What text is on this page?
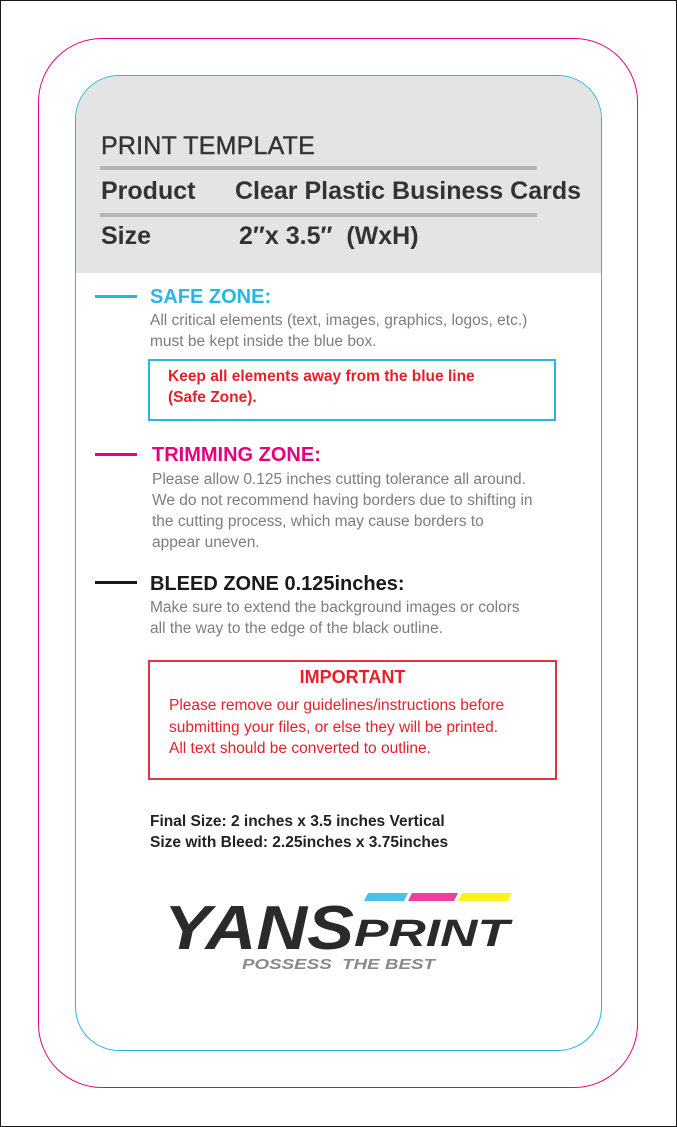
PRINT TEMPLATE
Product Clear Plastic Business Cards
Size	2″x 3.5″  (WxH)
SAFE ZONE:
All critical elements (text, images, graphics, logos, etc.)
must be kept inside the blue box.
Keep all elements away from the blue line
(Safe Zone).
TRIMMING ZONE:
Please allow 0.125 inches cutting tolerance all around.
We do not recommend having borders due to shifting in
the cutting process, which may cause borders to
appear uneven.
BLEED ZONE 0.125inches:
Make sure to extend the background images or colors
all the way to the edge of the black outline.
IMPORTANT
Please remove our guidelines/instructions before
submitting your files, or else they will be printed.
All text should be converted to outline.
Final Size: 2 inches x 3.5 inches Vertical
Size with Bleed: 2.25inches x 3.75inches
YANS PRINT
POSSESS  THE BEST
